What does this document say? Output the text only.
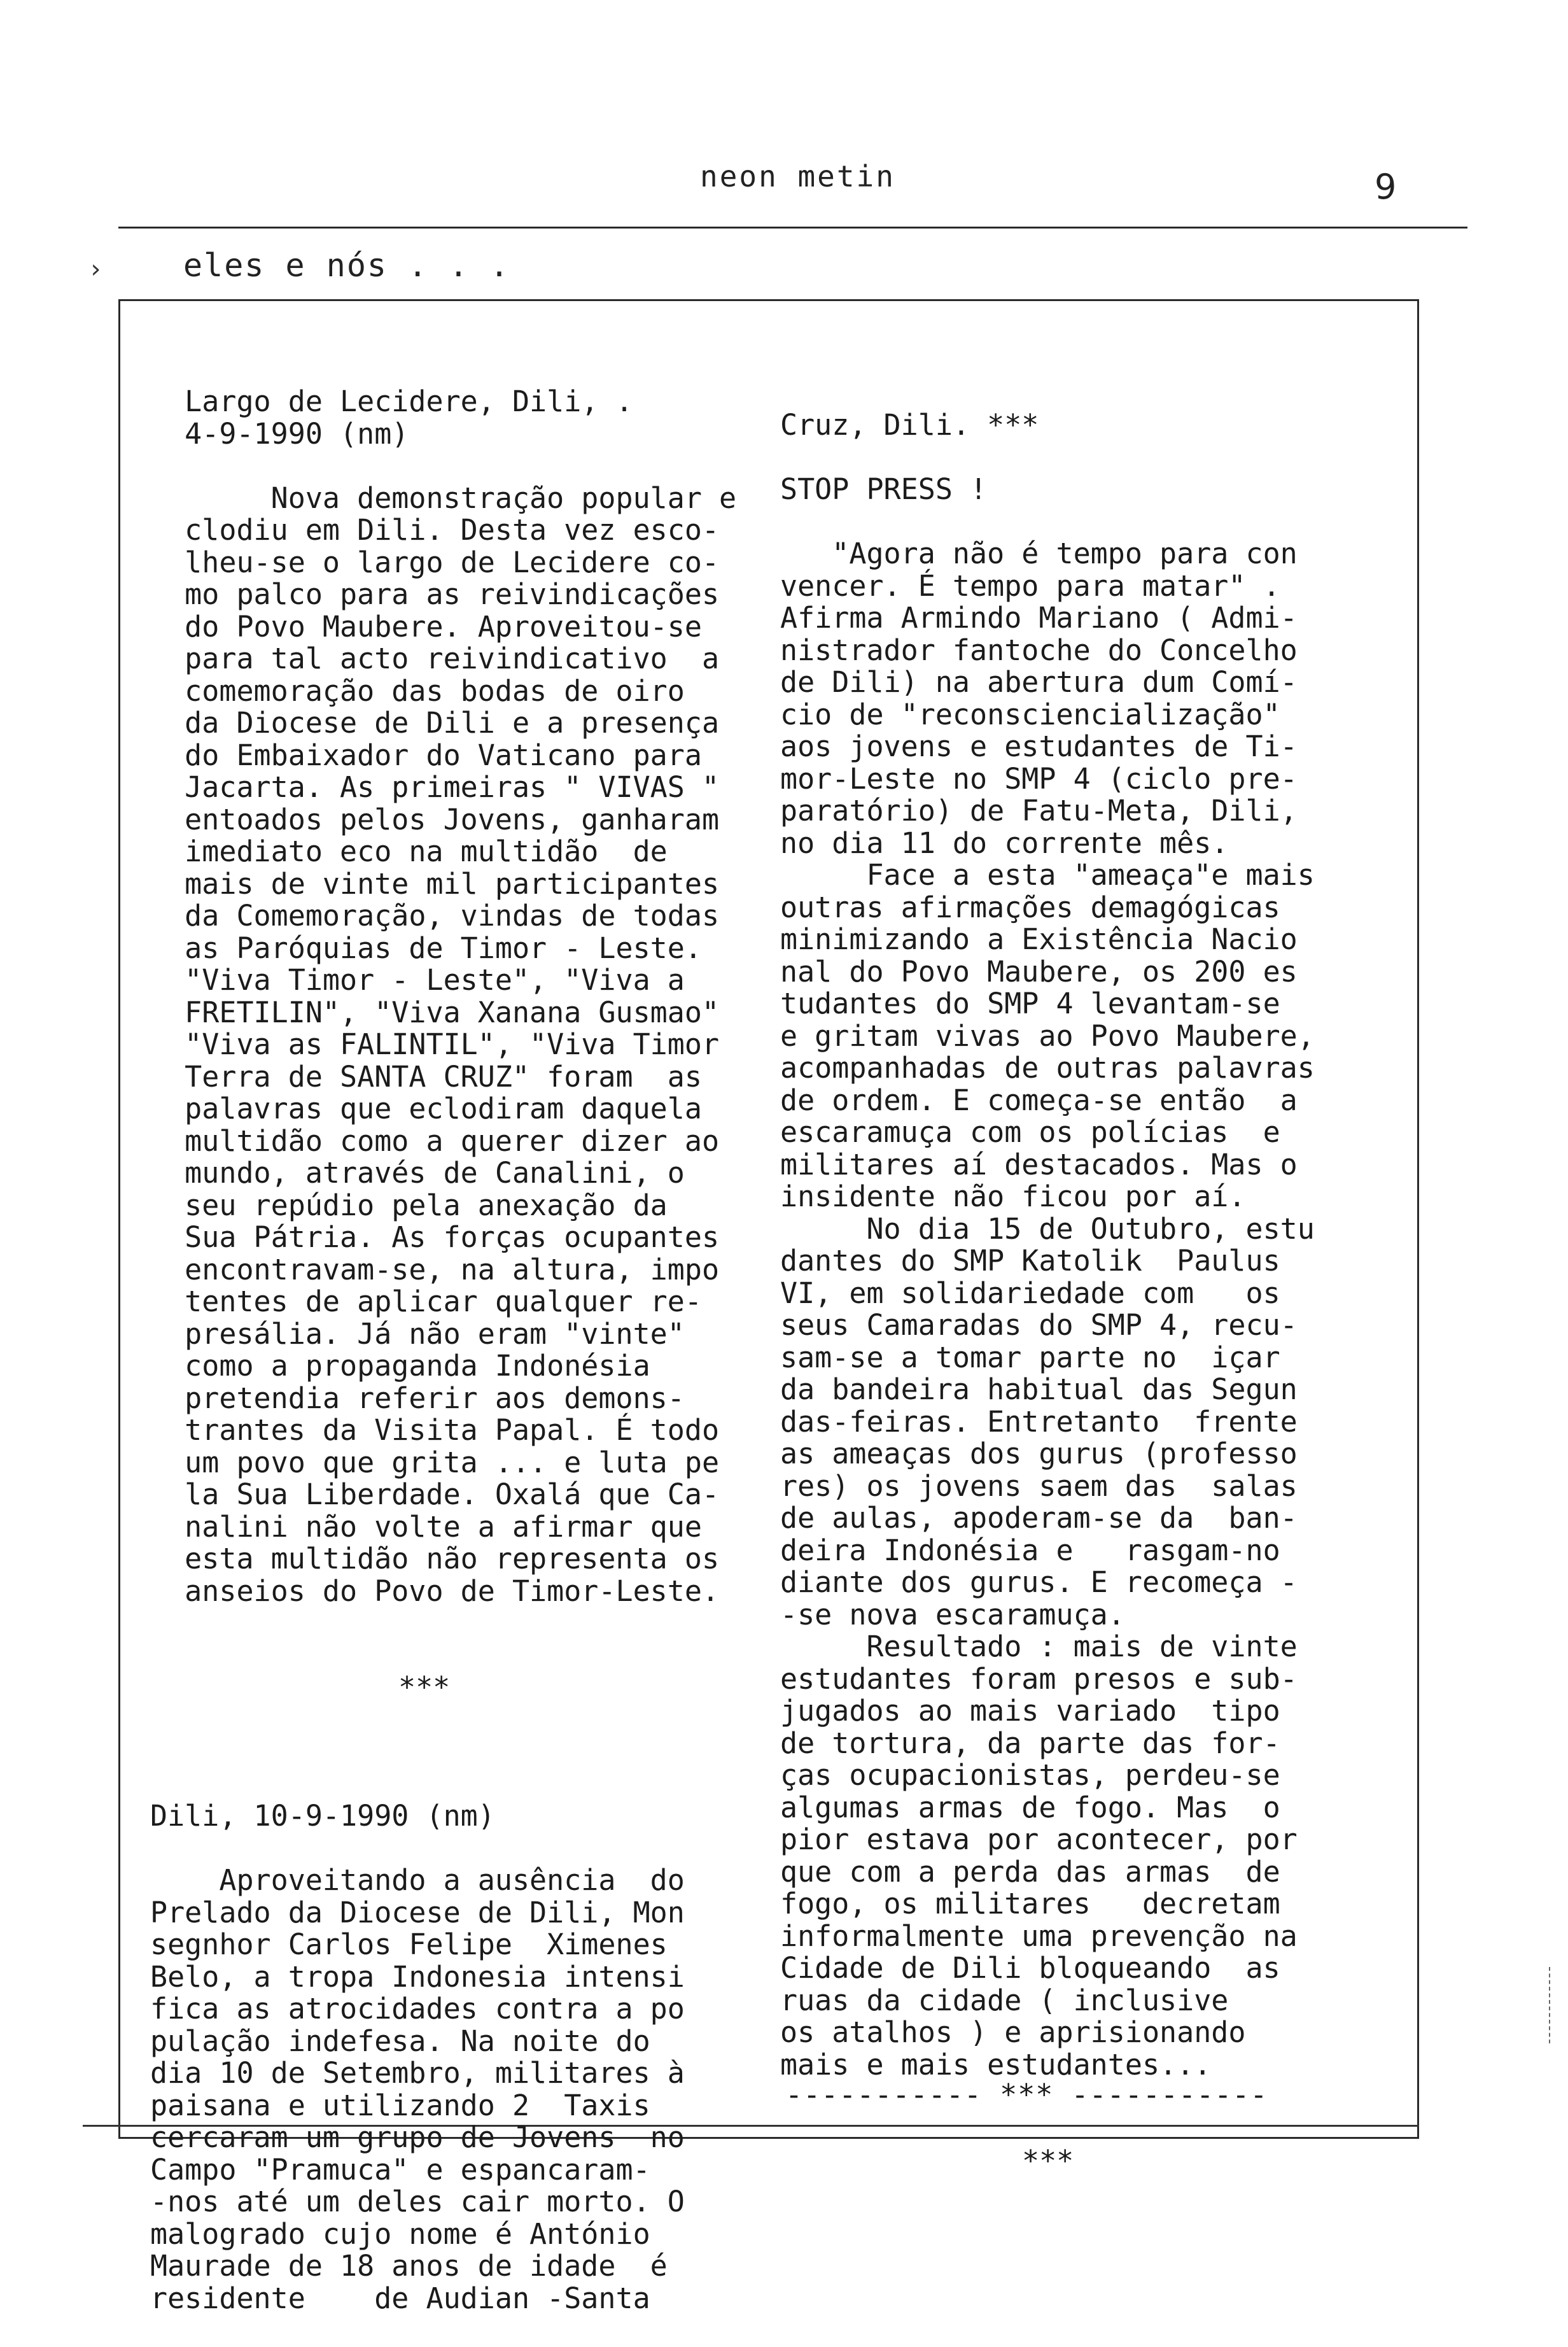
neon metin	9
›	eles e nós . . .

Largo de Lecidere, Dili, .
4-9-1990 (nm)
Nova demonstração popular e
clodiu em Dili. Desta vez esco-
lheu-se o largo de Lecidere co-
mo palco para as reivindicações
do Povo Maubere. Aproveitou-se
para tal acto reivindicativo  a
comemoração das bodas de oiro
da Diocese de Dili e a presença
do Embaixador do Vaticano para
Jacarta. As primeiras " VIVAS "
entoados pelos Jovens, ganharam
imediato eco na multidão  de
mais de vinte mil participantes
da Comemoração, vindas de todas
as Paróquias de Timor - Leste.
"Viva Timor - Leste", "Viva a
FRETILIN", "Viva Xanana Gusmao"
"Viva as FALINTIL", "Viva Timor
Terra de SANTA CRUZ" foram  as
palavras que eclodiram daquela
multidão como a querer dizer ao
mundo, através de Canalini, o
seu repúdio pela anexação da
Sua Pátria. As forças ocupantes
encontravam-se, na altura, impo
tentes de aplicar qualquer re-
presália. Já não eram "vinte"
como a propaganda Indonésia
pretendia referir aos demons-
trantes da Visita Papal. É todo
um povo que grita ... e luta pe
la Sua Liberdade. Oxalá que Ca-
nalini não volte a afirmar que
esta multidão não representa os
anseios do Povo de Timor-Leste.

***

Dili, 10-9-1990 (nm)
Aproveitando a ausência  do
Prelado da Diocese de Dili, Mon
segnhor Carlos Felipe  Ximenes
Belo, a tropa Indonesia intensi
fica as atrocidades contra a po
pulação indefesa. Na noite do
dia 10 de Setembro, militares à
paisana e utilizando 2  Taxis
cercaram um grupo de Jovens  no
Campo "Pramuca" e espancaram-
-nos até um deles cair morto. O
malogrado cujo nome é António
Maurade de 18 anos de idade  é
residente    de Audian -Santa

Cruz, Dili. ***
STOP PRESS !
"Agora não é tempo para con
vencer. É tempo para matar" .
Afirma Armindo Mariano ( Admi-
nistrador fantoche do Concelho
de Dili) na abertura dum Comí-
cio de "reconsciencialização"
aos jovens e estudantes de Ti-
mor-Leste no SMP 4 (ciclo pre-
paratório) de Fatu-Meta, Dili,
no dia 11 do corrente mês.
Face a esta "ameaça"e mais
outras afirmações demagógicas
minimizando a Existência Nacio
nal do Povo Maubere, os 200 es
tudantes do SMP 4 levantam-se
e gritam vivas ao Povo Maubere,
acompanhadas de outras palavras
de ordem. E começa-se então  a
escaramuça com os polícias  e
militares aí destacados. Mas o
insidente não ficou por aí.
No dia 15 de Outubro, estu
dantes do SMP Katolik  Paulus
VI, em solidariedade com   os
seus Camaradas do SMP 4, recu-
sam-se a tomar parte no  içar
da bandeira habitual das Segun
das-feiras. Entretanto  frente
as ameaças dos gurus (professo
res) os jovens saem das  salas
de aulas, apoderam-se da  ban-
deira Indonésia e   rasgam-no
diante dos gurus. E recomeça -
-se nova escaramuça.
Resultado : mais de vinte
estudantes foram presos e sub-
jugados ao mais variado  tipo
de tortura, da parte das for-
ças ocupacionistas, perdeu-se
algumas armas de fogo. Mas  o
pior estava por acontecer, por
que com a perda das armas  de
fogo, os militares   decretam
informalmente uma prevenção na
Cidade de Dili bloqueando  as
ruas da cidade ( inclusive
os atalhos ) e aprisionando
mais e mais estudantes...

***

----------- *** -----------
